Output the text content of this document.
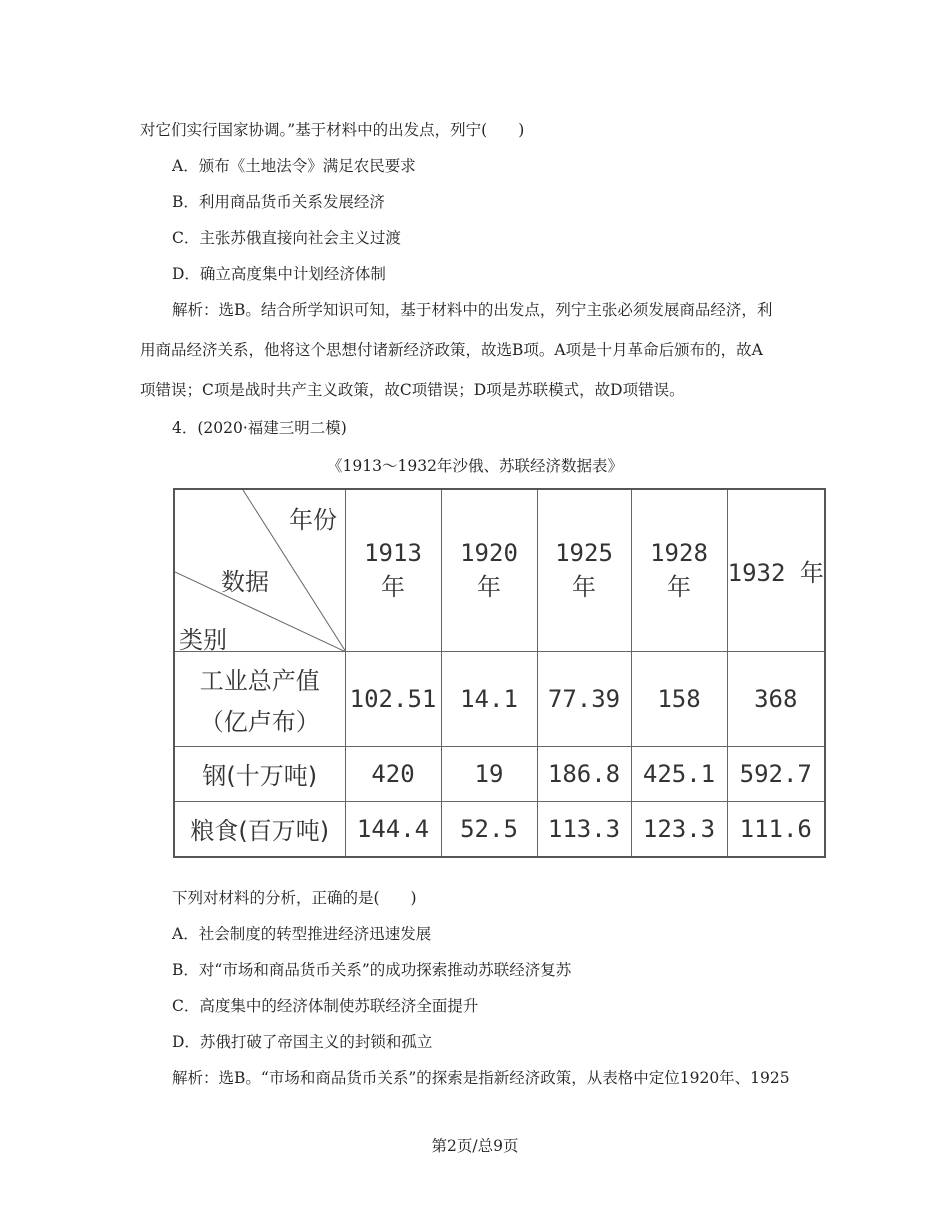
对它们实行国家协调。”基于材料中的出发点，列宁(　　)
A．颁布《土地法令》满足农民要求
B．利用商品货币关系发展经济
C．主张苏俄直接向社会主义过渡
D．确立高度集中计划经济体制
解析：选B。结合所学知识可知，基于材料中的出发点，列宁主张必须发展商品经济，利
用商品经济关系，他将这个思想付诸新经济政策，故选B项。A项是十月革命后颁布的，故A
项错误；C项是战时共产主义政策，故C项错误；D项是苏联模式，故D项错误。
4．(2020·福建三明二模)
《1913～1932年沙俄、苏联经济数据表》
年份
数据
类别	1913 年	1920 年	1925 年	1928 年	1932 年

工业总产值
（亿卢布）	102.51	14.1	77.39	158	368
钢(十万吨)	420	19	186.8	425.1	592.7
粮食(百万吨)	144.4	52.5	113.3	123.3	111.6
下列对材料的分析，正确的是(　　)
A．社会制度的转型推进经济迅速发展
B．对“市场和商品货币关系”的成功探索推动苏联经济复苏
C．高度集中的经济体制使苏联经济全面提升
D．苏俄打破了帝国主义的封锁和孤立
解析：选B。“市场和商品货币关系”的探索是指新经济政策，从表格中定位1920年、1925
第2页/总9页
